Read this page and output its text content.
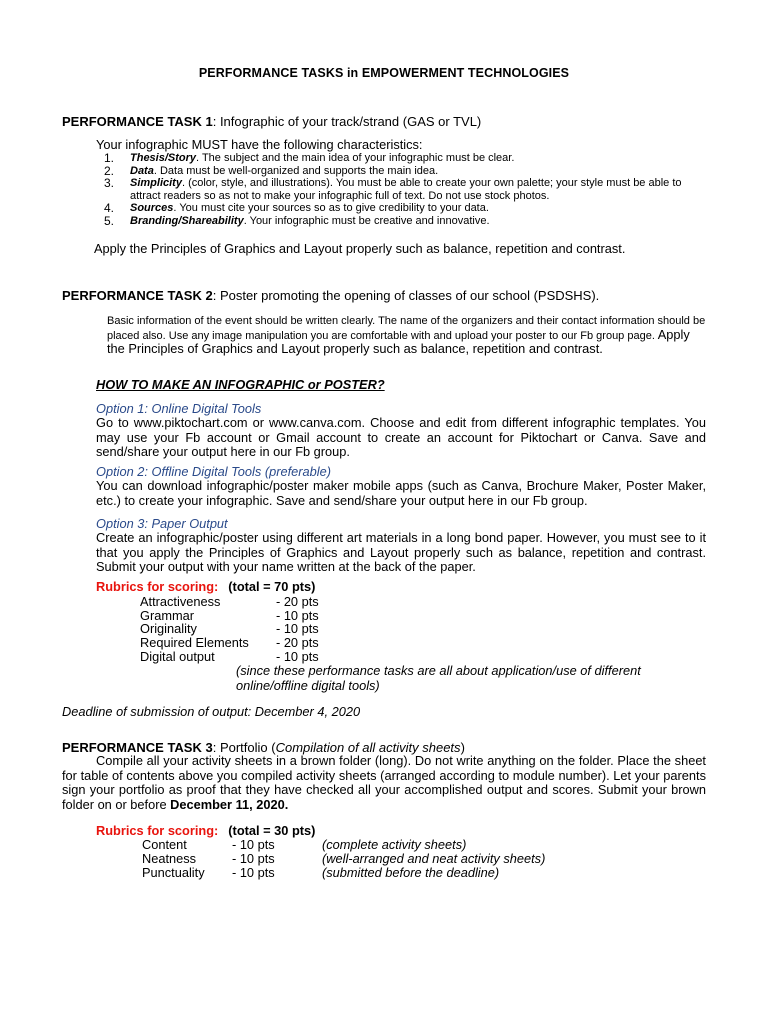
PERFORMANCE TASKS in EMPOWERMENT TECHNOLOGIES
PERFORMANCE TASK 1: Infographic of your track/strand (GAS or TVL)
Your infographic MUST have the following characteristics:
1. Thesis/Story. The subject and the main idea of your infographic must be clear.
2. Data. Data must be well-organized and supports the main idea.
3. Simplicity. (color, style, and illustrations). You must be able to create your own palette; your style must be able to attract readers so as not to make your infographic full of text. Do not use stock photos.
4. Sources. You must cite your sources so as to give credibility to your data.
5. Branding/Shareability. Your infographic must be creative and innovative.
Apply the Principles of Graphics and Layout properly such as balance, repetition and contrast.
PERFORMANCE TASK 2: Poster promoting the opening of classes of our school (PSDSHS).
Basic information of the event should be written clearly. The name of the organizers and their contact information should be placed also. Use any image manipulation you are comfortable with and upload your poster to our Fb group page. Apply the Principles of Graphics and Layout properly such as balance, repetition and contrast.
HOW TO MAKE AN INFOGRAPHIC or POSTER?
Option 1: Online Digital Tools
Go to www.piktochart.com or www.canva.com. Choose and edit from different infographic templates. You may use your Fb account or Gmail account to create an account for Piktochart or Canva. Save and send/share your output here in our Fb group.
Option 2: Offline Digital Tools (preferable)
You can download infographic/poster maker mobile apps (such as Canva, Brochure Maker, Poster Maker, etc.) to create your infographic. Save and send/share your output here in our Fb group.
Option 3: Paper Output
Create an infographic/poster using different art materials in a long bond paper. However, you must see to it that you apply the Principles of Graphics and Layout properly such as balance, repetition and contrast. Submit your output with your name written at the back of the paper.
Rubrics for scoring: (total = 70 pts)
Attractiveness	- 20 pts
Grammar	- 10 pts
Originality	- 10 pts
Required Elements - 20 pts
Digital output	- 10 pts
(since these performance tasks are all about application/use of different online/offline digital tools)
Deadline of submission of output: December 4, 2020
PERFORMANCE TASK 3: Portfolio (Compilation of all activity sheets)
Compile all your activity sheets in a brown folder (long). Do not write anything on the folder. Place the sheet for table of contents above you compiled activity sheets (arranged according to module number). Let your parents sign your portfolio as proof that they have checked all your accomplished output and scores. Submit your brown folder on or before December 11, 2020.
Rubrics for scoring: (total = 30 pts)
Content	- 10 pts	(complete activity sheets)
Neatness	- 10 pts	(well-arranged and neat activity sheets)
Punctuality - 10 pts	(submitted before the deadline)
